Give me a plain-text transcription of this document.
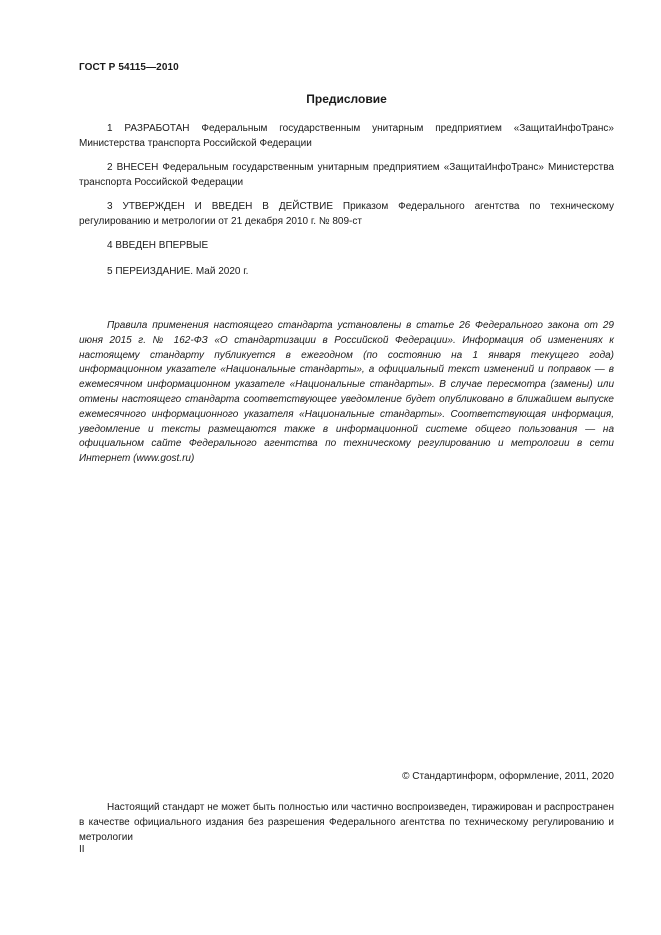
ГОСТ Р 54115—2010
Предисловие
1 РАЗРАБОТАН Федеральным государственным унитарным предприятием «ЗащитаИнфоТранс» Министерства транспорта Российской Федерации
2 ВНЕСЕН Федеральным государственным унитарным предприятием «ЗащитаИнфоТранс» Министерства транспорта Российской Федерации
3 УТВЕРЖДЕН И ВВЕДЕН В ДЕЙСТВИЕ Приказом Федерального агентства по техническому регулированию и метрологии от 21 декабря 2010 г. № 809-ст
4 ВВЕДЕН ВПЕРВЫЕ
5 ПЕРЕИЗДАНИЕ. Май 2020 г.
Правила применения настоящего стандарта установлены в статье 26 Федерального закона от 29 июня 2015 г. № 162-ФЗ «О стандартизации в Российской Федерации». Информация об изменениях к настоящему стандарту публикуется в ежегодном (по состоянию на 1 января текущего года) информационном указателе «Национальные стандарты», а официальный текст изменений и поправок — в ежемесячном информационном указателе «Национальные стандарты». В случае пересмотра (замены) или отмены настоящего стандарта соответствующее уведомление будет опубликовано в ближайшем выпуске ежемесячного информационного указателя «Национальные стандарты». Соответствующая информация, уведомление и тексты размещаются также в информационной системе общего пользования — на официальном сайте Федерального агентства по техническому регулированию и метрологии в сети Интернет (www.gost.ru)
© Стандартинформ, оформление, 2011, 2020
Настоящий стандарт не может быть полностью или частично воспроизведен, тиражирован и распространен в качестве официального издания без разрешения Федерального агентства по техническому регулированию и метрологии
II
